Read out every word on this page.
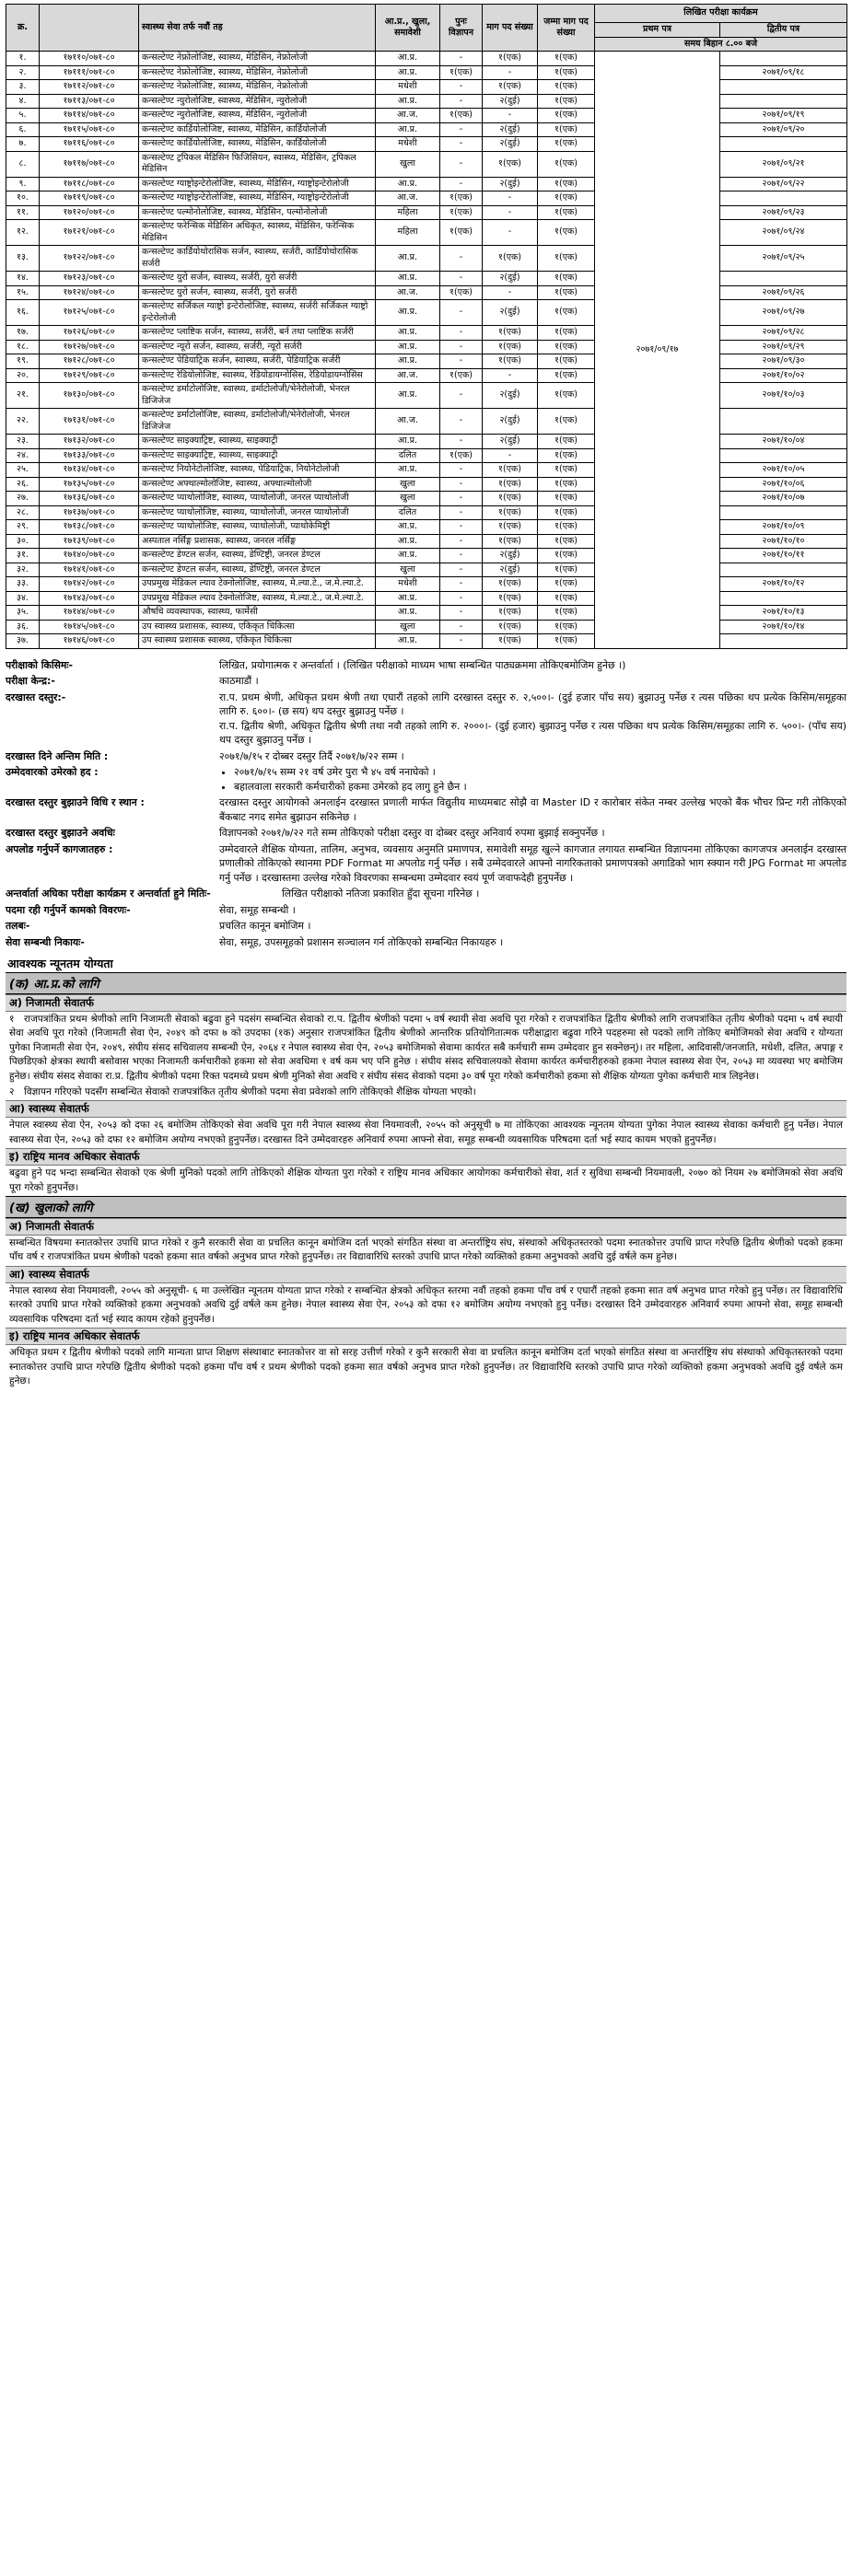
क्र.		स्वास्थ्य सेवा तर्फ नवौं तह	आ.प्र., खुला, समावेशी	पुनः विज्ञापन	माग पद संख्या	जम्मा माग पद संख्या	लिखित परीक्षा कार्यक्रम	
							प्रथम पत्र	द्वितीय पत्र
							समय बिहान ८.०० बजे	
१.	१७११०/०७१-८०	कन्सल्टेण्ट नेफ्रोलोजिष्ट, स्वास्थ्य, मेडिसिन, नेफ्रोलोजी	आ.प्र.	-	१(एक)	१(एक)	२०७१/०९/१७	
२.	१७१११/०७१-८०	कन्सल्टेण्ट नेफ्रोलोजिष्ट, स्वास्थ्य, मेडिसिन, नेफ्रोलोजी	आ.प्र.	१(एक)	-	१(एक)		२०७१/०९/१८
३.	१७११२/०७१-८०	कन्सल्टेण्ट नेफ्रोलोजिष्ट, स्वास्थ्य, मेडिसिन, नेफ्रोलोजी	मधेशी	-	१(एक)	१(एक)		
४.	१७११३/०७१-८०	कन्सल्टेण्ट न्युरोलोजिष्ट, स्वास्थ्य, मेडिसिन, न्युरोलोजी	आ.प्र.	-	२(दुई)	१(एक)		
५.	१७११४/०७१-८०	कन्सल्टेण्ट न्युरोलोजिष्ट, स्वास्थ्य, मेडिसिन, न्युरोलोजी	आ.ज.	१(एक)	-	१(एक)		२०७१/०९/१९
६.	१७११५/०७१-८०	कन्सल्टेण्ट कार्डियोलोजिष्ट, स्वास्थ्य, मेडिसिन, कार्डियोलोजी	आ.प्र.	-	२(दुई)	१(एक)		२०७१/०९/२०
७.	१७११६/०७१-८०	कन्सल्टेण्ट कार्डियोलोजिष्ट, स्वास्थ्य, मेडिसिन, कार्डियोलोजी	मधेशी	-	२(दुई)	१(एक)		
८.	१७११७/०७१-८०	कन्सल्टेण्ट ट्रपिकल मेडिसिन फिजिसियन, स्वास्थ्य, मेडिसिन, ट्रपिकल मेडिसिन	खुला	-	१(एक)	१(एक)		२०७१/०९/२१
९.	१७११८/०७१-८०	कन्सल्टेण्ट ग्याष्ट्रोइन्टेरोलोजिष्ट, स्वास्थ्य, मेडिसिन, ग्याष्ट्रोइन्टेरोलोजी	आ.प्र.	-	२(दुई)	१(एक)		२०७१/०९/२२
१०.	१७११९/०७१-८०	कन्सल्टेण्ट ग्याष्ट्रोइन्टेरोलोजिष्ट, स्वास्थ्य, मेडिसिन, ग्याष्ट्रोइन्टेरोलोजी	आ.ज.	१(एक)	-	१(एक)		
११.	१७१२०/०७१-८०	कन्सल्टेण्ट पल्मोनोलोजिष्ट, स्वास्थ्य, मेडिसिन, पल्मोनोलोजी	महिला	१(एक)	-	१(एक)		२०७१/०९/२३
१२.	१७१२१/०७१-८०	कन्सल्टेण्ट फरेन्सिक मेडिसिन अधिकृत, स्वास्थ्य, मेडिसिन, फरेन्सिक मेडिसिन	महिला	१(एक)	-	१(एक)		२०७१/०९/२४
१३.	१७१२२/०७१-८०	कन्सल्टेण्ट कार्डियोथोरासिक सर्जन, स्वास्थ्य, सर्जरी, कार्डियोथोरासिक सर्जरी	आ.प्र.	-	१(एक)	१(एक)		२०७१/०९/२५
१४.	१७१२३/०७१-८०	कन्सल्टेण्ट युरो सर्जन, स्वास्थ्य, सर्जरी, युरो सर्जरी	आ.प्र.	-	२(दुई)	१(एक)		
१५.	१७१२४/०७१-८०	कन्सल्टेण्ट युरो सर्जन, स्वास्थ्य, सर्जरी, युरो सर्जरी	आ.ज.	१(एक)	-	१(एक)		२०७१/०९/२६
१६.	१७१२५/०७१-८०	कन्सल्टेण्ट सर्जिकल ग्याष्ट्रो इन्टेरोलोजिष्ट, स्वास्थ्य, सर्जरी सर्जिकल ग्याष्ट्रो इन्टेरोलोजी	आ.प्र.	-	२(दुई)	१(एक)		२०७१/०९/२७
१७.	१७१२६/०७१-८०	कन्सल्टेण्ट प्लाष्टिक सर्जन, स्वास्थ्य, सर्जरी, बर्न तथा प्लाष्टिक सर्जरी	आ.प्र.	-	१(एक)	१(एक)		२०७१/०९/२८
१८.	१७१२७/०७१-८०	कन्सल्टेण्ट न्यूरो सर्जन, स्वास्थ्य, सर्जरी, न्यूरो सर्जरी	आ.प्र.	-	१(एक)	१(एक)		२०७१/०९/२९
१९.	१७१२८/०७१-८०	कन्सल्टेण्ट पेडियाट्रिक सर्जन, स्वास्थ्य, सर्जरी, पेडियाट्रिक सर्जरी	आ.प्र.	-	१(एक)	१(एक)		२०७१/०९/३०
२०.	१७१२९/०७१-८०	कन्सल्टेण्ट रेडियोलोजिष्ट, स्वास्थ्य, रेडियोडायग्नोसिस, रेडियोडायग्नोसिस	आ.ज.	१(एक)	-	१(एक)		२०७१/१०/०२
२१.	१७१३०/०७१-८०	कन्सल्टेण्ट डर्माटोलोजिष्ट, स्वास्थ्य, डर्माटोलोजी/भेनेरोलोजी, भेनरल डिजिजेज	आ.प्र.	-	२(दुई)	१(एक)		२०७१/१०/०३
२२.	१७१३१/०७१-८०	कन्सल्टेण्ट डर्माटोलोजिष्ट, स्वास्थ्य, डर्माटोलोजी/भेनेरोलोजी, भेनरल डिजिजेज	आ.ज.	-	२(दुई)	१(एक)		
२३.	१७१३२/०७१-८०	कन्सल्टेण्ट साइक्याट्रिष्ट, स्वास्थ्य, साइक्याट्री	आ.प्र.	-	२(दुई)	१(एक)		२०७१/१०/०४
२४.	१७१३३/०७१-८०	कन्सल्टेण्ट साइक्याट्रिष्ट, स्वास्थ्य, साइक्याट्री	दलित	१(एक)	-	१(एक)		
२५.	१७१३४/०७१-८०	कन्सल्टेण्ट नियोनेटोलोजिष्ट, स्वास्थ्य, पेडियाट्रिक, नियोनेटोलोजी	आ.प्र.	-	१(एक)	१(एक)		२०७१/१०/०५
२६.	१७१३५/०७१-८०	कन्सल्टेण्ट अफ्थाल्मोलोजिष्ट, स्वास्थ्य, अफ्थाल्मोलोजी	खुला	-	१(एक)	१(एक)		२०७१/१०/०६
२७.	१७१३६/०७१-८०	कन्सल्टेण्ट प्याथोलोजिष्ट, स्वास्थ्य, प्याथोलोजी, जनरल प्याथोलोजी	खुला	-	१(एक)	१(एक)		२०७१/१०/०७
२८.	१७१३७/०७१-८०	कन्सल्टेण्ट प्याथोलोजिष्ट, स्वास्थ्य, प्याथोलोजी, जनरल प्याथोलोजी	दलित	-	१(एक)	१(एक)		
२९.	१७१३८/०७१-८०	कन्सल्टेण्ट प्याथोलोजिष्ट, स्वास्थ्य, प्याथोलोजी, प्याथोकेमिष्ट्री	आ.प्र.	-	१(एक)	१(एक)		२०७१/१०/०९
३०.	१७१३९/०७१-८०	अस्पताल नर्सिङ्ग प्रशासक, स्वास्थ्य, जनरल नर्सिङ्ग	आ.प्र.	-	१(एक)	१(एक)		२०७१/१०/१०
३१.	१७१४०/०७१-८०	कन्सल्टेण्ट डेण्टल सर्जन, स्वास्थ्य, डेण्टिष्ट्री, जनरल डेण्टल	आ.प्र.	-	२(दुई)	१(एक)		२०७१/१०/११
३२.	१७१४१/०७१-८०	कन्सल्टेण्ट डेण्टल सर्जन, स्वास्थ्य, डेण्टिष्ट्री, जनरल डेण्टल	खुला	-	२(दुई)	१(एक)		
३३.	१७१४२/०७१-८०	उपप्रमुख मेडिकल ल्याव टेक्नोलोजिष्ट, स्वास्थ्य, मे.ल्या.टे., ज.मे.ल्या.टे.	मधेशी	-	१(एक)	१(एक)		२०७१/१०/१२
३४.	१७१४३/०७१-८०	उपप्रमुख मेडिकल ल्याव टेक्नोलोजिष्ट, स्वास्थ्य, मे.ल्या.टे., ज.मे.ल्या.टे.	आ.प्र.	-	१(एक)	१(एक)		
३५.	१७१४४/०७१-८०	औषधि व्यवस्थापक, स्वास्थ्य, फार्मेसी	आ.प्र.	-	१(एक)	१(एक)		२०७१/१०/१३
३६.	१७१४५/०७१-८०	उप स्वास्थ्य प्रशासक, स्वास्थ्य, एकिकृत चिकित्सा	खुला	-	१(एक)	१(एक)		२०७१/१०/१४
३७.	१७१४६/०७१-८०	उप स्वास्थ्य प्रशासक स्वास्थ्य, एकिकृत चिकित्सा	आ.प्र.	-	१(एक)	१(एक)		
परीक्षाको किसिमः-	लिखित, प्रयोगात्मक र अन्तर्वार्ता । (लिखित परीक्षाको माध्यम भाषा सम्बन्धित पाठ्यक्रममा तोकिएबमोजिम हुनेछ ।)
परीक्षा केन्द्र:-	काठमाडौं ।
दरखास्त दस्तुर:-	रा.प. प्रथम श्रेणी, अधिकृत प्रथम श्रेणी तथा एघारौं तहको लागि दरखास्त दस्तुर रु. २,५००।- (दुई हजार पाँच सय) बुझाउनु पर्नेछ र त्यस पछिका थप प्रत्येक किसिम/समूहका लागि रु. ६००।- (छ सय) थप दस्तुर बुझाउनु पर्नेछ ।

रा.प. द्वितीय श्रेणी, अधिकृत द्वितीय श्रेणी तथा नवौ तहको लागि रु. २०००।- (दुई हजार) बुझाउनु पर्नेछ र त्यस पछिका थप प्रत्येक किसिम/समूहका लागि रु. ५००।- (पाँच सय) थप दस्तुर बुझाउनु पर्नेछ ।

दरखास्त दिने अन्तिम मिति :	२०७१/७/१५ र दोब्बर दस्तुर तिर्दै २०७१/७/२२ सम्म ।
उम्मेदवारको उमेरको हद :	• २०७१/७/१५ सम्म २१ वर्ष उमेर पुरा भै ४५ वर्ष ननाघेको ।
• बहालवाला सरकारी कर्मचारीको हकमा उमेरको हद लागु हुने छैन ।
दरखास्त दस्तुर बुझाउने विधि र स्थान :	दरखास्त दस्तुर आयोगको अनलाईन दरखास्त प्रणाली मार्फत विद्युतीय माध्यमबाट सोझै वा Master ID र कारोबार संकेत नम्बर उल्लेख भएको बैंक भौचर प्रिन्ट गरी तोकिएको बैंकबाट नगद समेत बुझाउन सकिनेछ ।
दरखास्त दस्तुर बुझाउने अवधिः	विज्ञापनको २०७१/७/२२ गते सम्म तोकिएको परीक्षा दस्तुर वा दोब्बर दस्तुर अनिवार्य रुपमा बुझाई सक्नुपर्नेछ ।
अपलोड गर्नुपर्ने कागजातहरु :	उम्मेदवारले शैक्षिक योग्यता, तालिम, अनुभव, व्यवसाय अनुमति प्रमाणपत्र, समावेशी समूह खुल्ने कागजात लगायत सम्बन्धित विज्ञापनमा तोकिएका कागजपत्र अनलाईन दरखास्त प्रणालीको तोकिएको स्थानमा PDF Format मा अपलोड गर्नु पर्नेछ । सबै उम्मेदवारले आफ्नो नागरिकताको प्रमाणपत्रको अगाडिको भाग स्क्यान गरी JPG Format मा अपलोड गर्नु पर्नेछ । दरखास्तमा उल्लेख गरेको विवरणका सम्बन्धमा उम्मेदवार स्वयं पूर्ण जवाफदेही हुनुपर्नेछ ।
अन्तर्वार्ता अघिका परीक्षा कार्यक्रम र अन्तर्वार्ता हुने मितिः-	लिखित परीक्षाको नतिजा प्रकाशित हुँदा सूचना गरिनेछ ।
पदमा रही गर्नुपर्ने कामको विवरणः-	सेवा, समूह सम्बन्धी ।
तलबः-	प्रचलित कानून बमोजिम ।
सेवा सम्बन्धी निकायः-	सेवा, समूह, उपसमूहको प्रशासन सञ्चालन गर्न तोकिएको सम्बन्धित निकायहरु ।
आवश्यक न्यूनतम योग्यता
(क) आ.प्र.को लागि
अ) निजामती सेवातर्फ
१ राजपत्रांकित प्रथम श्रेणीको लागि निजामती सेवाको बढुवा हुने पदसंग सम्बन्धित सेवाको रा.प. द्वितीय श्रेणीको पदमा ५ वर्ष स्थायी सेवा अवधि पूरा गरेको र राजपत्रांकित द्वितीय श्रेणीको लागि राजपत्रांकित तृतीय श्रेणीको पदमा ५ वर्ष स्थायी सेवा अवधि पूरा गरेको (निजामती सेवा ऐन, २०४९ को दफा ७ को उपदफा (१क) अनुसार राजपत्रांकित द्वितीय श्रेणीको आन्तरिक प्रतियोगितात्मक परीक्षाद्वारा बढुवा गरिने पदहरुमा सो पदको लागि तोकिए बमोजिमको सेवा अवधि र योग्यता पुगेका निजामती सेवा ऐन, २०४९, संघीय संसद सचिवालय सम्बन्धी ऐन, २०६४ र नेपाल स्वास्थ्य सेवा ऐन, २०५३ बमोजिमको सेवामा कार्यरत सबै कर्मचारी सम्म उम्मेदवार हुन सक्नेछन्)। तर महिला, आदिवासी/जनजाति, मधेशी, दलित, अपाङ्ग र पिछडिएको क्षेत्रका स्थायी बसोवास भएका निजामती कर्मचारीको हकमा सो सेवा अवधिमा १ वर्ष कम भए पनि हुनेछ । संघीय संसद सचिवालयको सेवामा कार्यरत कर्मचारीहरुको हकमा नेपाल स्वास्थ्य सेवा ऐन, २०५३ मा व्यवस्था भए बमोजिम हुनेछ। संघीय संसद सेवाका रा.प्र. द्वितीय श्रेणीको पदमा रिक्त पदमध्ये प्रथम श्रेणी मुनिको सेवा अवधि र संघीय संसद सेवाको पदमा ३० वर्ष पूरा गरेको कर्मचारीको हकमा सो शैक्षिक योग्यता पुगेका कर्मचारी मात्र लिइनेछ।
२ विज्ञापन गरिएको पदसँग सम्बन्धित सेवाको राजपत्रांकित तृतीय श्रेणीको पदमा सेवा प्रवेशको लागि तोकिएको शैक्षिक योग्यता भएको।
आ) स्वास्थ्य सेवातर्फ
नेपाल स्वास्थ्य सेवा ऐन, २०५३ को दफा २६ बमोजिम तोकिएको सेवा अवधि पूरा गरी नेपाल स्वास्थ्य सेवा नियमावली, २०५५ को अनुसूची ७ मा तोकिएका आवश्यक न्यूनतम योग्यता पुगेका नेपाल स्वास्थ्य सेवाका कर्मचारी हुनु पर्नेछ। नेपाल स्वास्थ्य सेवा ऐन, २०५३ को दफा १२ बमोजिम अयोग्य नभएको हुनुपर्नेछ। दरखास्त दिने उम्मेदवारहरु अनिवार्य रुपमा आफ्नो सेवा, समूह सम्बन्धी व्यवसायिक परिषदमा दर्ता भई स्याद कायम भएको हुनुपर्नेछ।
इ) राष्ट्रिय मानव अधिकार सेवातर्फ
बढुवा हुने पद भन्दा सम्बन्धित सेवाको एक श्रेणी मुनिको पदको लागि तोकिएको शैक्षिक योग्यता पुरा गरेको र राष्ट्रिय मानव अधिकार आयोगका कर्मचारीको सेवा, शर्त र सुविधा सम्बन्धी नियमावली, २०७० को नियम २७ बमोजिमको सेवा अवधि पूरा गरेको हुनुपर्नेछ।
(ख) खुलाको लागि
अ) निजामती सेवातर्फ
सम्बन्धित विषयमा स्नातकोत्तर उपाधि प्राप्त गरेको र कुनै सरकारी सेवा वा प्रचलित कानून बमोजिम दर्ता भएको संगठित संस्था वा अन्तर्राष्ट्रिय संघ, संस्थाको अधिकृतस्तरको पदमा स्नातकोत्तर उपाधि प्राप्त गरेपछि द्वितीय श्रेणीको पदको हकमा पाँच वर्ष र राजपत्रांकित प्रथम श्रेणीको पदको हकमा सात वर्षको अनुभव प्राप्त गरेको हुनुपर्नेछ। तर विद्यावारिधि स्तरको उपाधि प्राप्त गरेको व्यक्तिको हकमा अनुभवको अवधि दुई वर्षले कम हुनेछ।
आ) स्वास्थ्य सेवातर्फ
नेपाल स्वास्थ्य सेवा नियमावली, २०५५ को अनुसूची- ६ मा उल्लेखित न्यूनतम योग्यता प्राप्त गरेको र सम्बन्धित क्षेत्रको अधिकृत स्तरमा नवौं तहको हकमा पाँच वर्ष र एघारौं तहको हकमा सात वर्ष अनुभव प्राप्त गरेको हुनु पर्नेछ। तर विद्यावारिधि स्तरको उपाधि प्राप्त गरेको व्यक्तिको हकमा अनुभवको अवधि दुई वर्षले कम हुनेछ। नेपाल स्वास्थ्य सेवा ऐन, २०५३ को दफा १२ बमोजिम अयोग्य नभएको हुनु पर्नेछ। दरखास्त दिने उम्मेदवारहरु अनिवार्य रुपमा आफ्नो सेवा, समूह सम्बन्धी व्यवसायिक परिषदमा दर्ता भई स्याद कायम रहेको हुनुपर्नेछ।
इ) राष्ट्रिय मानव अधिकार सेवातर्फ
अधिकृत प्रथम र द्वितीय श्रेणीको पदको लागि मान्यता प्राप्त शिक्षण संस्थाबाट स्नातकोत्तर वा सो सरह उत्तीर्ण गरेको र कुनै सरकारी सेवा वा प्रचलित कानून बमोजिम दर्ता भएको संगठित संस्था वा अन्तर्राष्ट्रिय संघ संस्थाको अधिकृतस्तरको पदमा स्नातकोत्तर उपाधि प्राप्त गरेपछि द्वितीय श्रेणीको पदको हकमा पाँच वर्ष र प्रथम श्रेणीको पदको हकमा सात वर्षको अनुभव प्राप्त गरेको हुनुपर्नेछ। तर विद्यावारिधि स्तरको उपाधि प्राप्त गरेको व्यक्तिको हकमा अनुभवको अवधि दुई वर्षले कम हुनेछ।
